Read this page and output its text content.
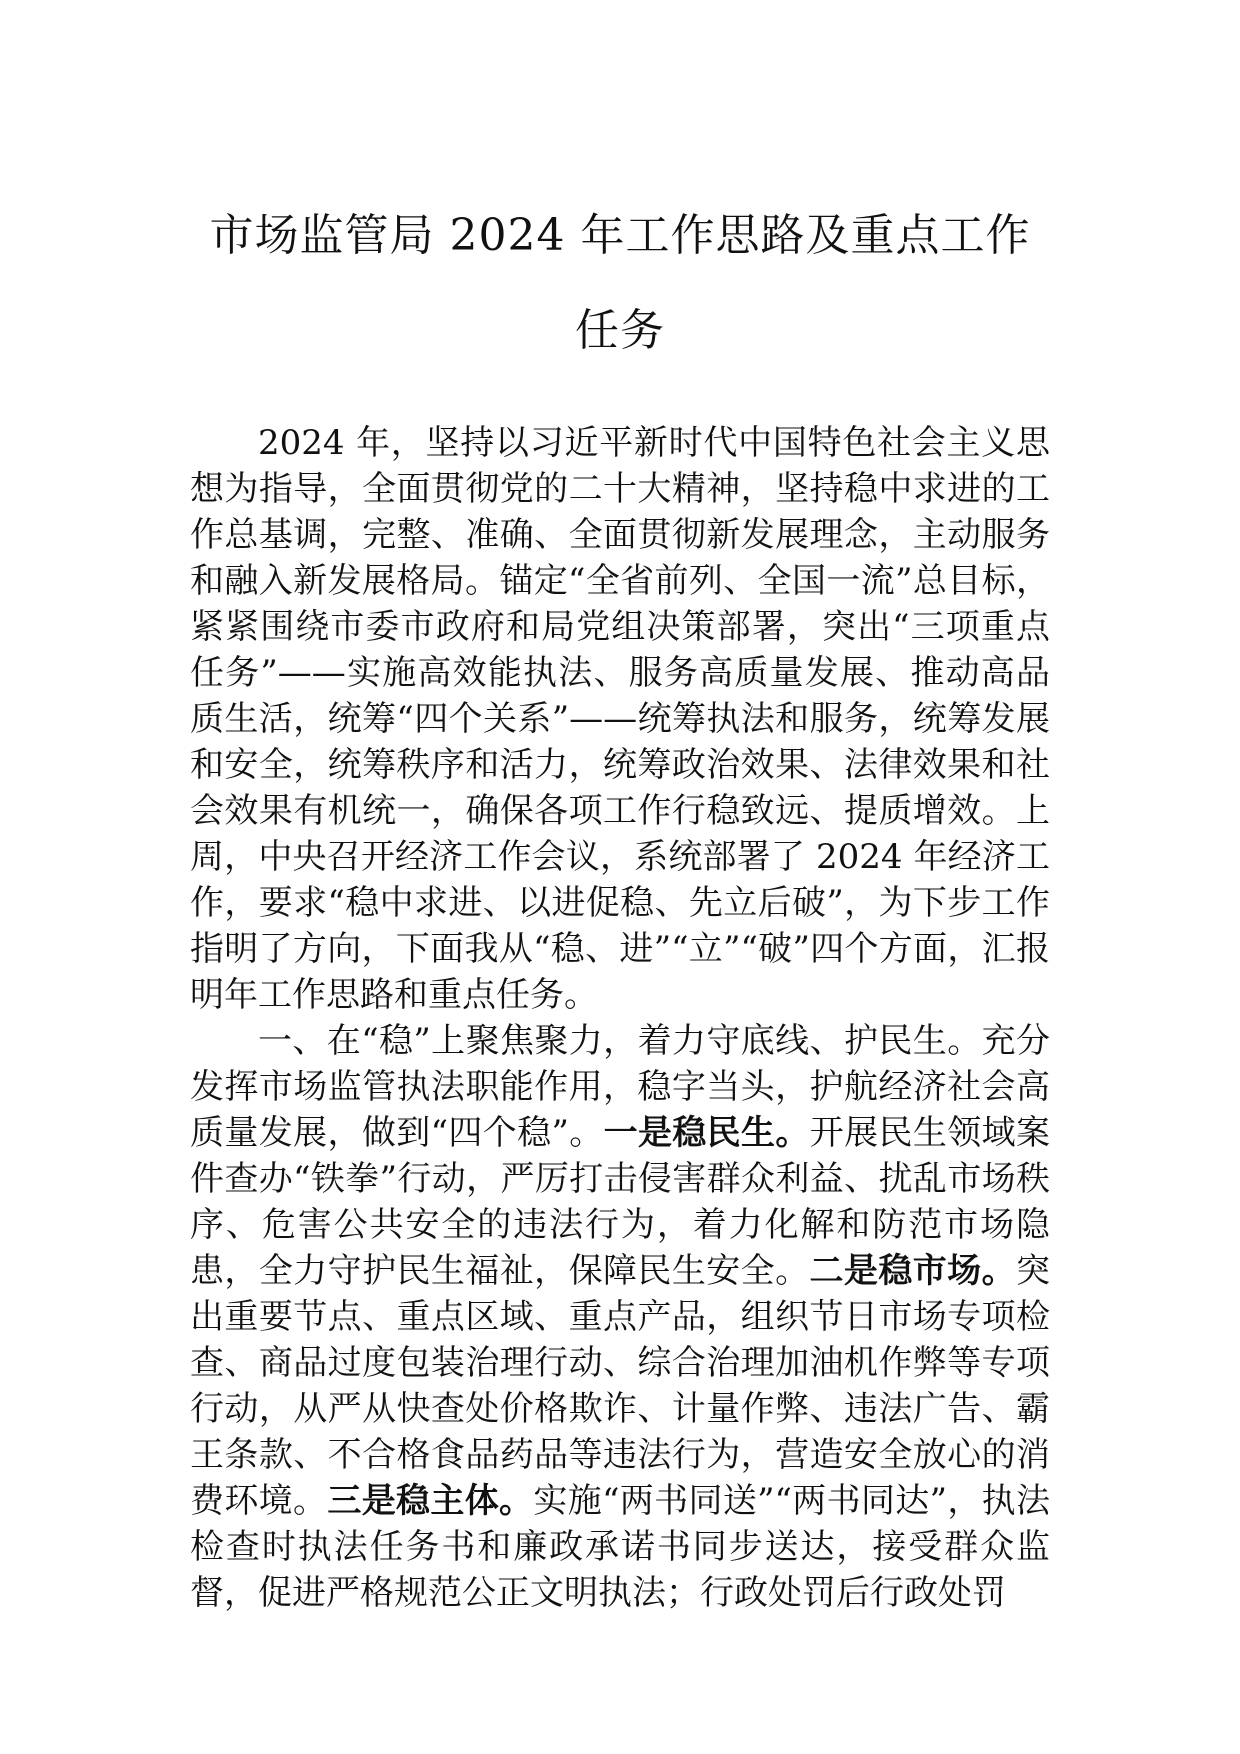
市场监管局 2024 年工作思路及重点工作任务

2024 年，坚持以习近平新时代中国特色社会主义思想为指导，全面贯彻党的二十大精神，坚持稳中求进的工作总基调，完整、准确、全面贯彻新发展理念，主动服务和融入新发展格局。锚定“全省前列、全国一流”总目标，紧紧围绕市委市政府和局党组决策部署，突出“三项重点任务”——实施高效能执法、服务高质量发展、推动高品质生活，统筹“四个关系”——统筹执法和服务，统筹发展和安全，统筹秩序和活力，统筹政治效果、法律效果和社会效果有机统一，确保各项工作行稳致远、提质增效。上周，中央召开经济工作会议，系统部署了 2024 年经济工作，要求“稳中求进、以进促稳、先立后破”，为下步工作指明了方向，下面我从“稳、进”“立”“破”四个方面，汇报明年工作思路和重点任务。

一、在“稳”上聚焦聚力，着力守底线、护民生。充分发挥市场监管执法职能作用，稳字当头，护航经济社会高质量发展，做到“四个稳”。一是稳民生。开展民生领域案件查办“铁拳”行动，严厉打击侵害群众利益、扰乱市场秩序、危害公共安全的违法行为，着力化解和防范市场隐患，全力守护民生福祉，保障民生安全。二是稳市场。突出重要节点、重点区域、重点产品，组织节日市场专项检查、商品过度包装治理行动、综合治理加油机作弊等专项行动，从严从快查处价格欺诈、计量作弊、违法广告、霸王条款、不合格食品药品等违法行为，营造安全放心的消费环境。三是稳主体。实施“两书同送”“两书同达”，执法检查时执法任务书和廉政承诺书同步送达，接受群众监督，促进严格规范公正文明执法；行政处罚后行政处罚
